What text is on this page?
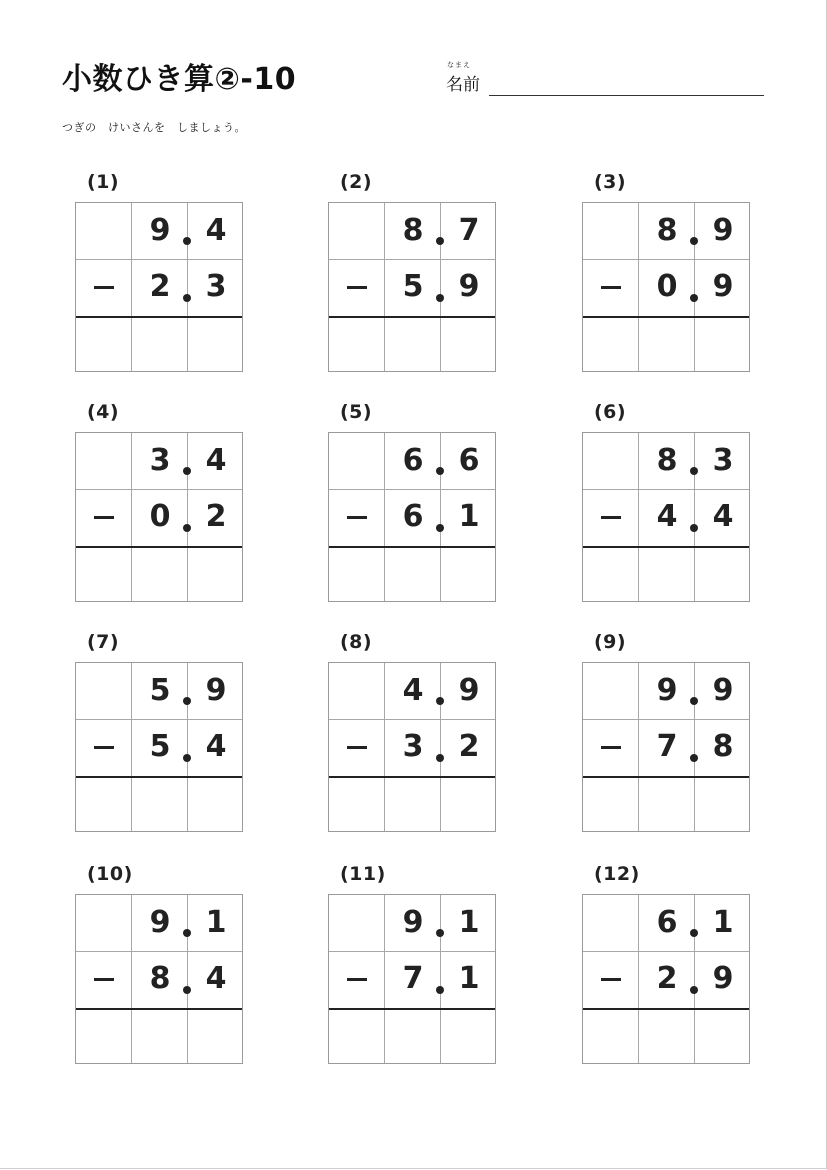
小数ひき算②-10	なまえ
名前
つぎの　けいさんを　しましょう。
(1)
9	4
2	3
(2)
8	7
5	9
(3)
8	9
0	9
(4)
3	4
0	2
(5)
6	6
6	1
(6)
8	3
4	4
(7)
5	9
5	4
(8)
4	9
3	2
(9)
9	9
7	8
(10)
9	1
8	4
(11)
9	1
7	1
(12)
6	1
2	9
